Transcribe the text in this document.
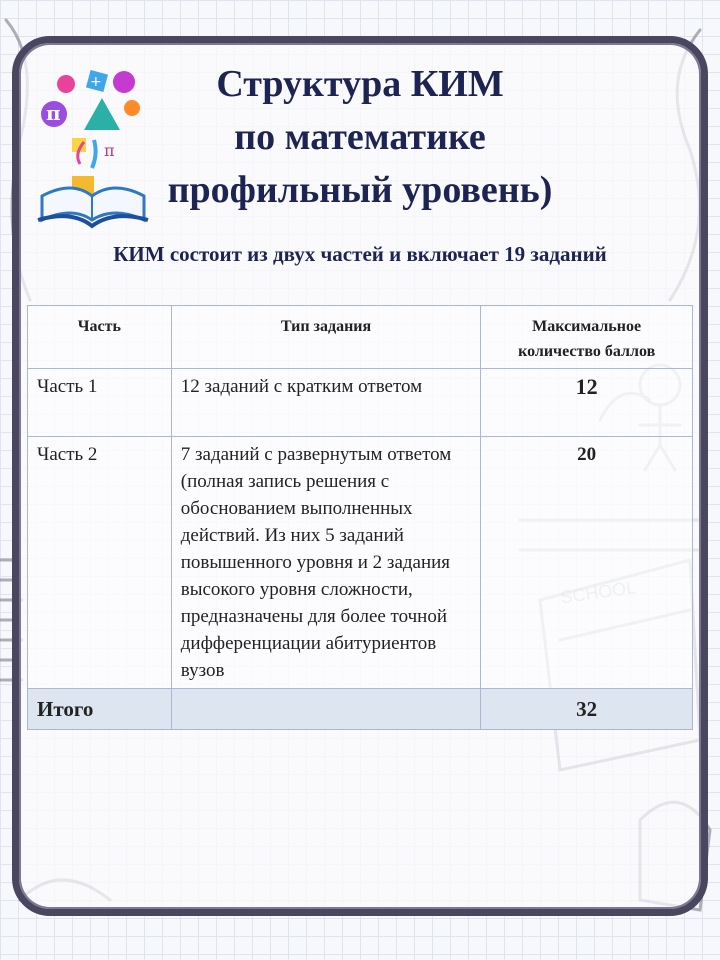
π
+
π
Структура КИМ
по математике
профильный уровень)
КИМ состоит из двух частей и включает 19 заданий
Часть	Тип задания	Максимальное количество баллов
Часть 1	12 заданий с кратким ответом	12
Часть 2	7 заданий с развернутым ответом (полная запись решения с обоснованием выполненных действий. Из них 5 заданий повышенного уровня и 2 задания высокого уровня сложности, предназначены для более точной дифференциации абитуриентов вузов	20
Итого		32
